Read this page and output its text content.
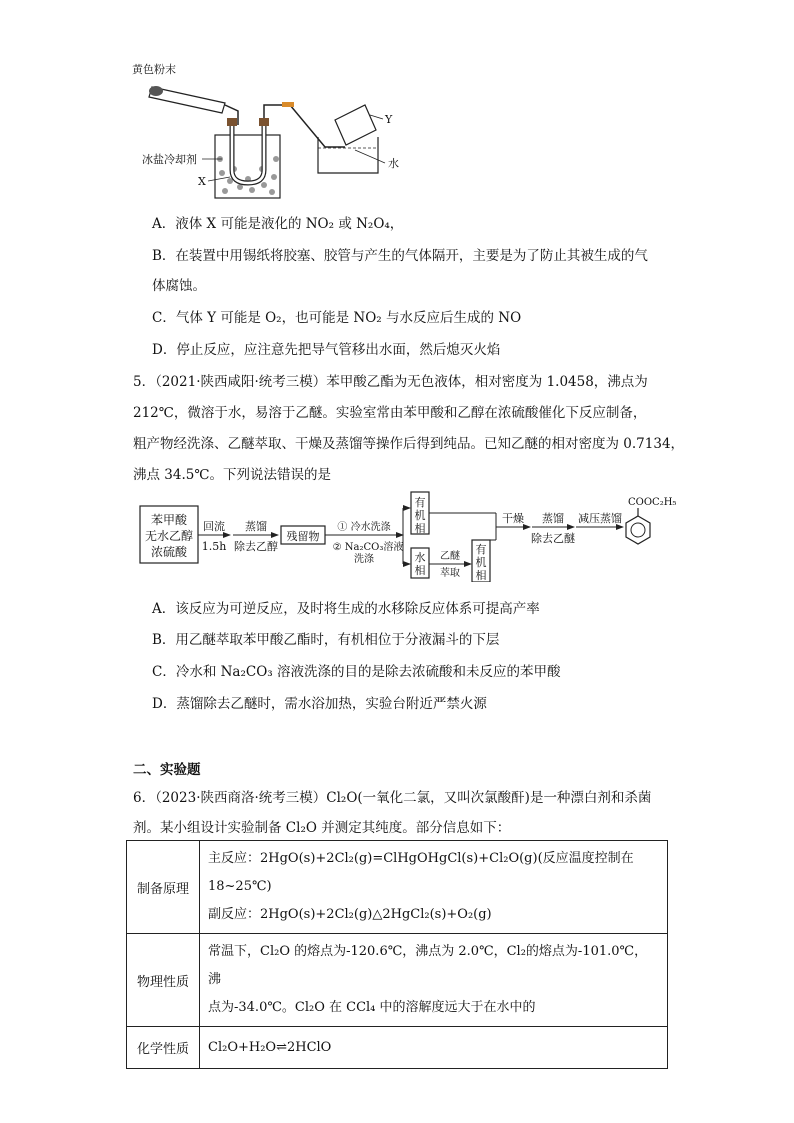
黄色粉末
Y
水
冰盐冷却剂
X
A．液体 X 可能是液化的 NO₂ 或 N₂O₄，
B．在装置中用锡纸将胶塞、胶管与产生的气体隔开，主要是为了防止其被生成的气
体腐蚀。
C．气体 Y 可能是 O₂，也可能是 NO₂ 与水反应后生成的 NO
D．停止反应，应注意先把导气管移出水面，然后熄灭火焰
5．（2021·陕西咸阳·统考三模）苯甲酸乙酯为无色液体，相对密度为 1.0458，沸点为
212℃，微溶于水，易溶于乙醚。实验室常由苯甲酸和乙醇在浓硫酸催化下反应制备，
粗产物经洗涤、乙醚萃取、干燥及蒸馏等操作后得到纯品。已知乙醚的相对密度为 0.7134，
沸点 34.5℃。下列说法错误的是
苯甲酸
无水乙醇
浓硫酸
回流
1.5h
蒸馏
除去乙醇
残留物
① 冷水洗涤
② Na₂CO₃溶液
洗涤
有
机
相
水
相
乙醚
萃取
有
机
相
干燥 蒸馏
除去乙醚
减压蒸馏
COOC₂H₅
A．该反应为可逆反应，及时将生成的水移除反应体系可提高产率
B．用乙醚萃取苯甲酸乙酯时，有机相位于分液漏斗的下层
C．冷水和 Na₂CO₃ 溶液洗涤的目的是除去浓硫酸和未反应的苯甲酸
D．蒸馏除去乙醚时，需水浴加热，实验台附近严禁火源
二、实验题
6．（2023·陕西商洛·统考三模）Cl₂O(一氧化二氯，又叫次氯酸酐)是一种漂白剂和杀菌
剂。某小组设计实验制备 Cl₂O 并测定其纯度。部分信息如下：
制备原理	主反应：2HgO(s)+2Cl₂(g)=ClHgOHgCl(s)+Cl₂O(g)(反应温度控制在 18~25℃)
副反应：2HgO(s)+2Cl₂(g)△2HgCl₂(s)+O₂(g)

物理性质	常温下，Cl₂O 的熔点为-120.6℃，沸点为 2.0℃，Cl₂的熔点为-101.0℃，沸
点为-34.0℃。Cl₂O 在 CCl₄ 中的溶解度远大于在水中的

化学性质	Cl₂O+H₂O⇌2HClO
